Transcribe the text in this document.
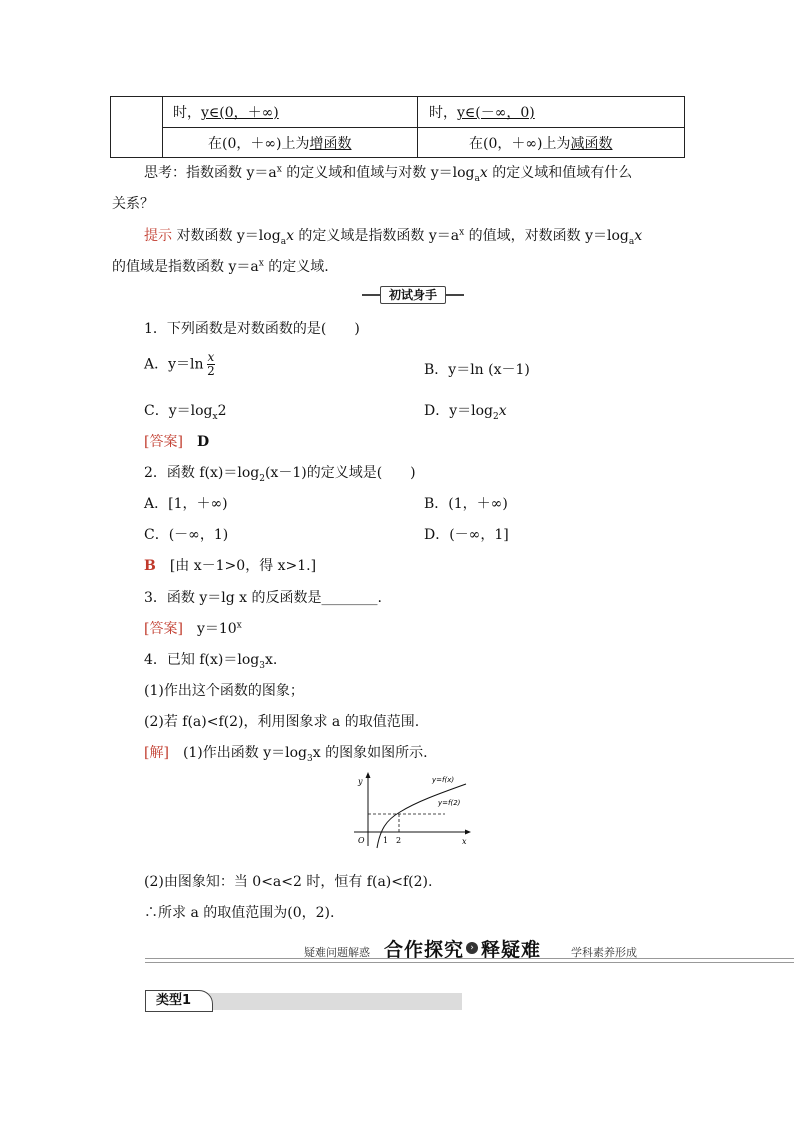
时，y∈(0，＋∞)	时，y∈(－∞，0)
在(0，＋∞)上为增函数	在(0，＋∞)上为减函数
思考：指数函数 $y=a^x$ 的定义域和值域与对数 $y=\log_ax$ 的定义域和值域有什么
关系？
提示 对数函数 $y=\log_ax$ 的定义域是指数函数 $y=a^x$ 的值域，对数函数 $y=\log_ax$
的值域是指数函数 $y=a^x$ 的定义域.
初试身手
1．下列函数是对数函数的是(　　)
A．$y=\ln \frac{x}{2}$	B．y＝ln (x－1)
C．$y=\log_x2$	D．$y=\log_2x$
[答案]　 D
2．函数 $f(x)=\log_2(x-1)$的定义域是(　　)
A．[1，＋∞)	B．(1，＋∞)
C．(－∞，1)	D．(－∞，1]
B　 [由 x－1>0，得 x>1.]
3．函数 y＝lg x 的反函数是________.
[答案]　 $y=10^x$
4．已知 $f(x)=\log_3x$.
(1)作出这个函数的图象；
(2)若 f(a)<f(2)，利用图象求 a 的取值范围.
[解]　 (1)作出函数 $y=\log_3x$ 的图象如图所示.
y
x
O 1 2
y=f(x)
y=f(2)
(2)由图象知：当 0<a<2 时，恒有 f(a)<f(2).
∴所求 a 的取值范围为(0，2).
疑难问题解惑 合作探究 › 释疑难	学科素养形成
类型1
